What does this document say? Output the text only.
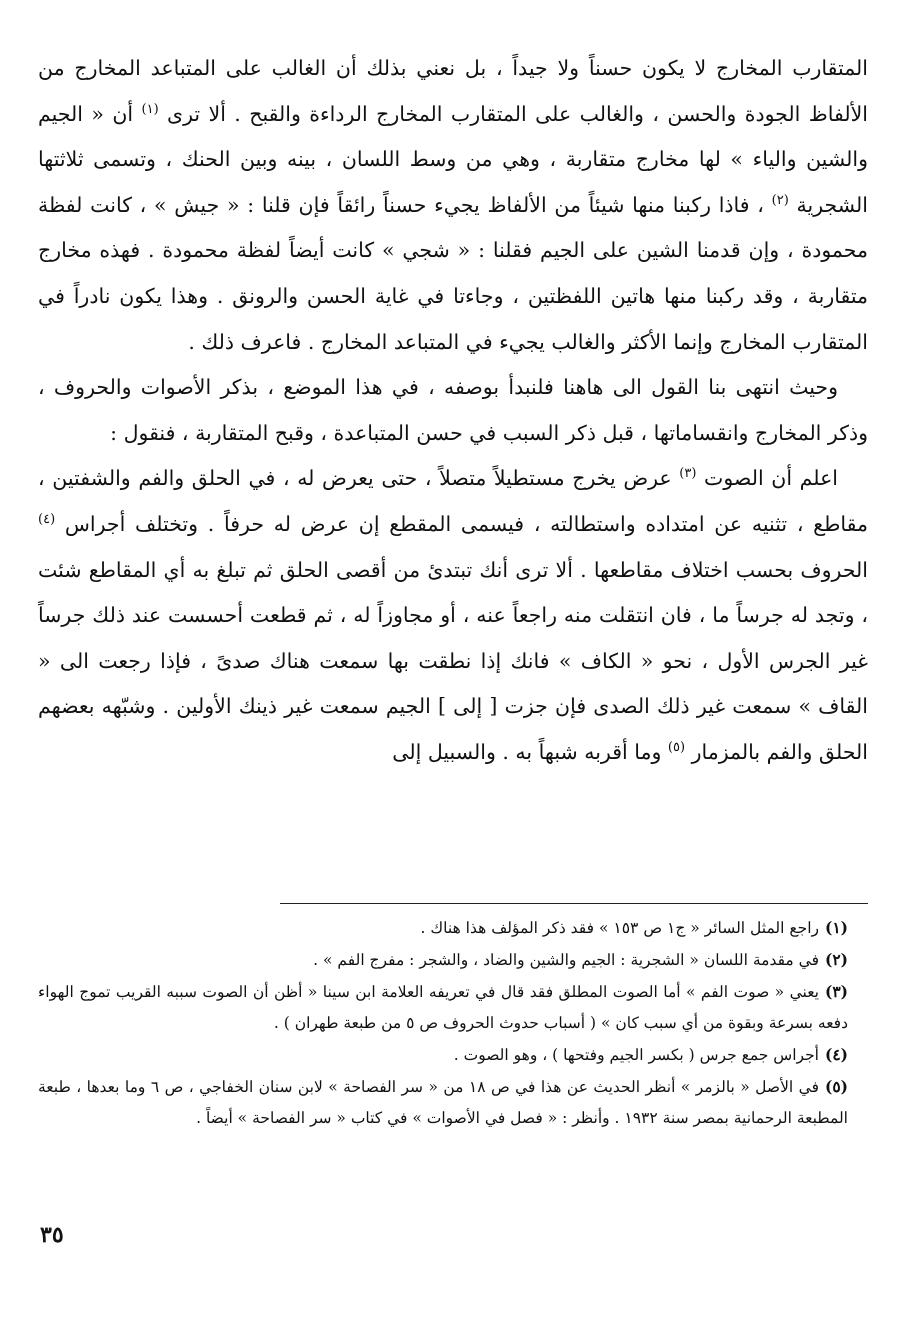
المتقارب المخارج لا يكون حسناً ولا جيداً ، بل نعني بذلك أن الغالب على المتباعد المخارج من الألفاظ الجودة والحسن ، والغالب على المتقارب المخارج الرداءة والقبح . ألا ترى $^{(١)}$ أن « الجيم والشين والياء » لها مخارج متقاربة ، وهي من وسط اللسان ، بينه وبين الحنك ، وتسمى ثلاثتها الشجرية $^{(٢)}$ ، فاذا ركبنا منها شيئاً من الألفاظ يجيء حسناً رائقاً فإن قلنا : « جيش » ، كانت لفظة محمودة ، وإن قدمنا الشين على الجيم فقلنا : « شجي » كانت أيضاً لفظة محمودة . فهذه مخارج متقاربة ، وقد ركبنا منها هاتين اللفظتين ، وجاءتا في غاية الحسن والرونق . وهذا يكون نادراً في المتقارب المخارج وإنما الأكثر والغالب يجيء في المتباعد المخارج . فاعرف ذلك .

وحيث انتهى بنا القول الى هاهنا فلنبدأ بوصفه ، في هذا الموضع ، بذكر الأصوات والحروف ، وذكر المخارج وانقساماتها ، قبل ذكر السبب في حسن المتباعدة ، وقبح المتقاربة ، فنقول :

اعلم أن الصوت $^{(٣)}$ عرض يخرج مستطيلاً متصلاً ، حتى يعرض له ، في الحلق والفم والشفتين ، مقاطع ، تثنيه عن امتداده واستطالته ، فيسمى المقطع إن عرض له حرفاً . وتختلف أجراس $^{(٤)}$ الحروف بحسب اختلاف مقاطعها . ألا ترى أنك تبتدئ من أقصى الحلق ثم تبلغ به أي المقاطع شئت ، وتجد له جرساً ما ، فان انتقلت منه راجعاً عنه ، أو مجاوزاً له ، ثم قطعت أحسست عند ذلك جرساً غير الجرس الأول ، نحو « الكاف » فانك إذا نطقت بها سمعت هناك صدىً ، فإذا رجعت الى « القاف » سمعت غير ذلك الصدى فإن جزت [ إلى ] الجيم سمعت غير ذينك الأولين . وشبّهه بعضهم الحلق والفم بالمزمار $^{(٥)}$ وما أقربه شبهاً به . والسبيل إلى

(١)راجع المثل السائر « ج١ ص ١٥٣ » فقد ذكر المؤلف هذا هناك .

(٢)في مقدمة اللسان « الشجرية : الجيم والشين والضاد ، والشجر : مفرج الفم » .

(٣)يعني « صوت الفم » أما الصوت المطلق فقد قال في تعريفه العلامة ابن سينا « أظن أن الصوت سببه القريب تموج الهواء دفعه بسرعة وبقوة من أي سبب كان » ( أسباب حدوث الحروف ص ٥ من طبعة طهران ) .

(٤)أجراس جمع جرس ( بكسر الجيم وفتحها ) ، وهو الصوت .

(٥)في الأصل « بالزمر » أنظر الحديث عن هذا في ص ١٨ من « سر الفصاحة » لابن سنان الخفاجي ، ص ٦ وما بعدها ، طبعة المطبعة الرحمانية بمصر سنة ١٩٣٢ . وأنظر : « فصل في الأصوات » في كتاب « سر الفصاحة » أيضاً .

٣٥
